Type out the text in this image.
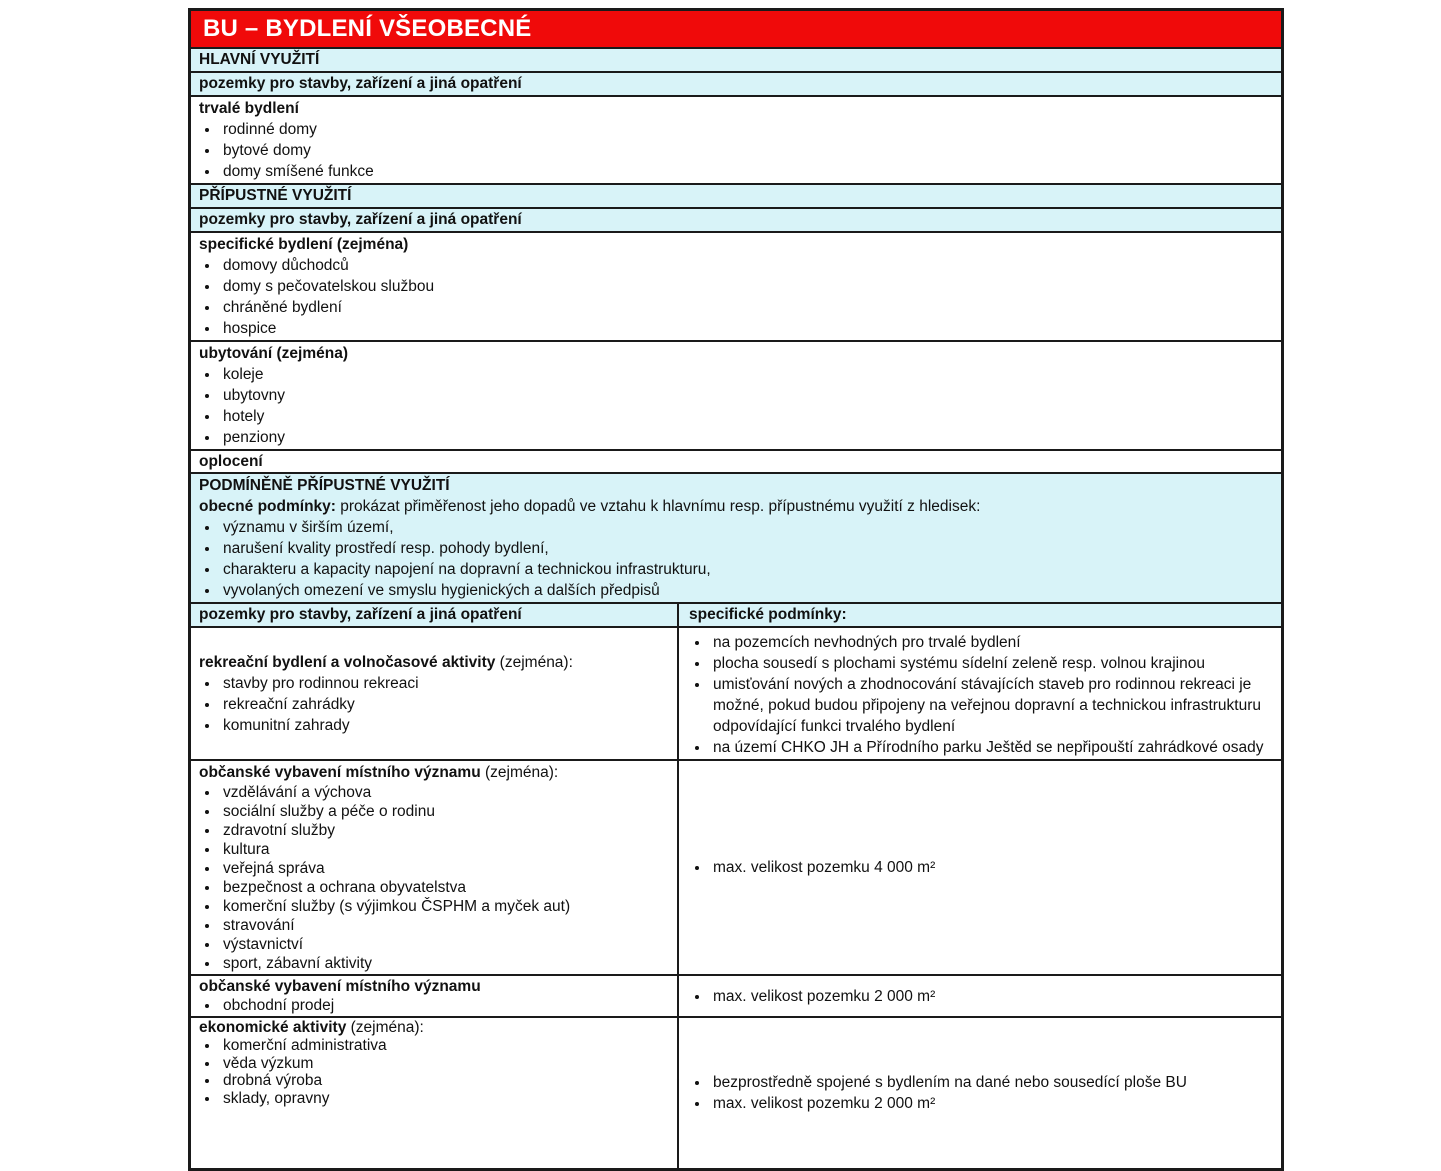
BU – BYDLENÍ VŠEOBECNÉ
HLAVNÍ VYUŽITÍ
pozemky pro stavby, zařízení a jiná opatření
trvalé bydlení
• rodinné domy
• bytové domy
• domy smíšené funkce
PŘÍPUSTNÉ VYUŽITÍ
pozemky pro stavby, zařízení a jiná opatření
specifické bydlení (zejména)
• domovy důchodců
• domy s pečovatelskou službou
• chráněné bydlení
• hospice
ubytování (zejména)
• koleje
• ubytovny
• hotely
• penziony
oplocení
PODMÍNĚNĚ PŘÍPUSTNÉ VYUŽITÍ
obecné podmínky: prokázat přiměřenost jeho dopadů ve vztahu k hlavnímu resp. přípustnému využití z hledisek:
• významu v širším území,
• narušení kvality prostředí resp. pohody bydlení,
• charakteru a kapacity napojení na dopravní a technickou infrastrukturu,
• vyvolaných omezení ve smyslu hygienických a dalších předpisů
pozemky pro stavby, zařízení a jiná opatření	specifické podmínky:
rekreační bydlení a volnočasové aktivity (zejména):
• stavby pro rodinnou rekreaci
• rekreační zahrádky
• komunitní zahrady
• na pozemcích nevhodných pro trvalé bydlení
• plocha sousedí s plochami systému sídelní zeleně resp. volnou krajinou
• umisťování nových a zhodnocování stávajících staveb pro rodinnou rekreaci je možné, pokud budou připojeny na veřejnou dopravní a technickou infrastrukturu odpovídající funkci trvalého bydlení
• na území CHKO JH a Přírodního parku Ještěd se nepřipouští zahrádkové osady
občanské vybavení místního významu (zejména):
• vzdělávání a výchova
• sociální služby a péče o rodinu
• zdravotní služby
• kultura
• veřejná správa
• bezpečnost a ochrana obyvatelstva
• komerční služby (s výjimkou ČSPHM a myček aut)
• stravování
• výstavnictví
• sport, zábavní aktivity
• max. velikost pozemku 4 000 m²
občanské vybavení místního významu
• obchodní prodej
• max. velikost pozemku 2 000 m²
ekonomické aktivity (zejména):
• komerční administrativa
• věda výzkum
• drobná výroba
• sklady, opravny
• bezprostředně spojené s bydlením na dané nebo sousedící ploše BU
• max. velikost pozemku 2 000 m²
